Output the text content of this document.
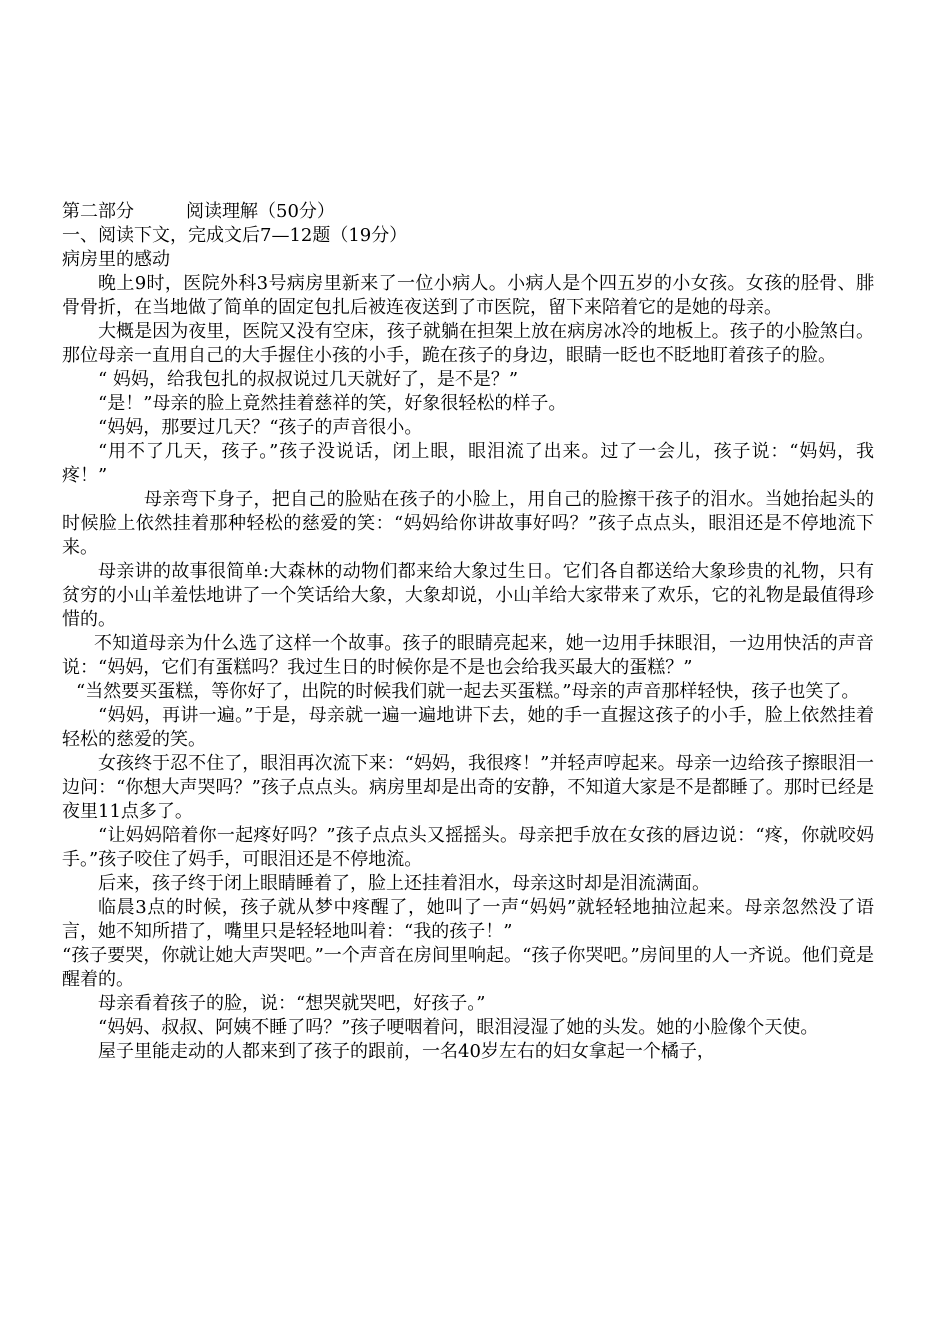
第二部分	阅读理解（50分）
一、阅读下文，完成文后7—12题（19分）
病房里的感动

晚上9时，医院外科3号病房里新来了一位小病人。小病人是个四五岁的小女孩。女孩的胫骨、腓骨骨折，在当地做了简单的固定包扎后被连夜送到了市医院，留下来陪着它的是她的母亲。

大概是因为夜里，医院又没有空床，孩子就躺在担架上放在病房冰冷的地板上。孩子的小脸煞白。那位母亲一直用自己的大手握住小孩的小手，跪在孩子的身边，眼睛一眨也不眨地盯着孩子的脸。

“ 妈妈，给我包扎的叔叔说过几天就好了，是不是？”

“是！”母亲的脸上竟然挂着慈祥的笑，好象很轻松的样子。

“妈妈，那要过几天？“孩子的声音很小。

“用不了几天，孩子。”孩子没说话，闭上眼，眼泪流了出来。过了一会儿，孩子说：“妈妈，我疼！”

母亲弯下身子，把自己的脸贴在孩子的小脸上，用自己的脸擦干孩子的泪水。当她抬起头的时候脸上依然挂着那种轻松的慈爱的笑：“妈妈给你讲故事好吗？”孩子点点头，眼泪还是不停地流下来。

母亲讲的故事很简单:大森林的动物们都来给大象过生日。它们各自都送给大象珍贵的礼物，只有贫穷的小山羊羞怯地讲了一个笑话给大象，大象却说，小山羊给大家带来了欢乐，它的礼物是最值得珍惜的。

不知道母亲为什么选了这样一个故事。孩子的眼睛亮起来，她一边用手抹眼泪，一边用快活的声音说：“妈妈，它们有蛋糕吗？我过生日的时候你是不是也会给我买最大的蛋糕？”

“当然要买蛋糕，等你好了，出院的时候我们就一起去买蛋糕。”母亲的声音那样轻快，孩子也笑了。

“妈妈，再讲一遍。”于是，母亲就一遍一遍地讲下去，她的手一直握这孩子的小手，脸上依然挂着轻松的慈爱的笑。

女孩终于忍不住了，眼泪再次流下来：“妈妈，我很疼！”并轻声哼起来。母亲一边给孩子擦眼泪一边问：“你想大声哭吗？”孩子点点头。病房里却是出奇的安静，不知道大家是不是都睡了。那时已经是夜里11点多了。

“让妈妈陪着你一起疼好吗？”孩子点点头又摇摇头。母亲把手放在女孩的唇边说：“疼，你就咬妈手。”孩子咬住了妈手，可眼泪还是不停地流。

后来，孩子终于闭上眼睛睡着了，脸上还挂着泪水，母亲这时却是泪流满面。

临晨3点的时候，孩子就从梦中疼醒了，她叫了一声“妈妈”就轻轻地抽泣起来。母亲忽然没了语言，她不知所措了，嘴里只是轻轻地叫着：“我的孩子！”

“孩子要哭，你就让她大声哭吧。”一个声音在房间里响起。“孩子你哭吧。”房间里的人一齐说。他们竟是醒着的。

母亲看着孩子的脸，说：“想哭就哭吧，好孩子。”

“妈妈、叔叔、阿姨不睡了吗？”孩子哽咽着问，眼泪浸湿了她的头发。她的小脸像个天使。

屋子里能走动的人都来到了孩子的跟前，一名40岁左右的妇女拿起一个橘子，
